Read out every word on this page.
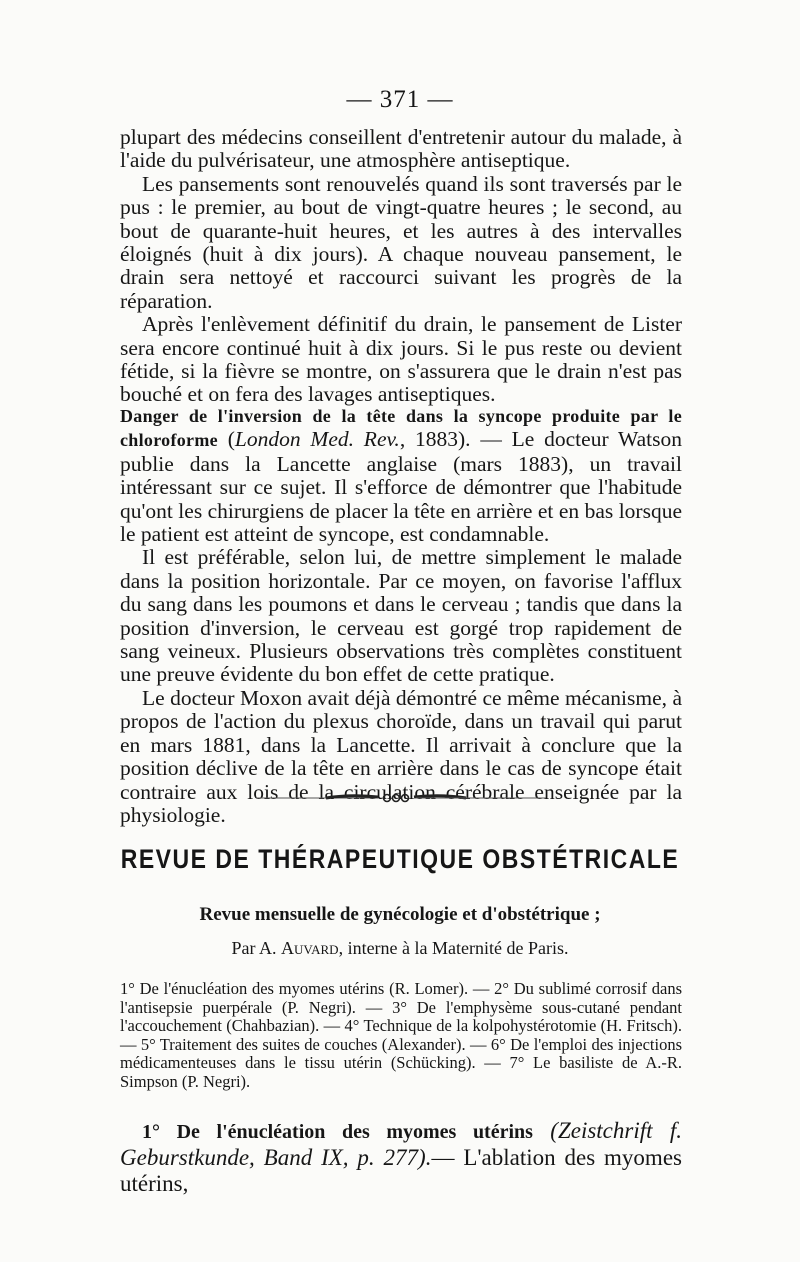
— 371 —

plupart des médecins conseillent d'entretenir autour du malade, à l'aide du pulvérisateur, une atmosphère antiseptique.

Les pansements sont renouvelés quand ils sont traversés par le pus : le premier, au bout de vingt-quatre heures ; le second, au bout de quarante-huit heures, et les autres à des intervalles éloignés (huit à dix jours). A chaque nouveau pansement, le drain sera nettoyé et raccourci suivant les progrès de la réparation.

Après l'enlèvement définitif du drain, le pansement de Lister sera encore continué huit à dix jours. Si le pus reste ou devient fétide, si la fièvre se montre, on s'assurera que le drain n'est pas bouché et on fera des lavages antiseptiques.

Danger de l'inversion de la tête dans la syncope produite par le chloroforme (London Med. Rev., 1883). — Le docteur Watson publie dans la Lancette anglaise (mars 1883), un travail intéressant sur ce sujet. Il s'efforce de démontrer que l'habitude qu'ont les chirurgiens de placer la tête en arrière et en bas lorsque le patient est atteint de syncope, est condamnable.

Il est préférable, selon lui, de mettre simplement le malade dans la position horizontale. Par ce moyen, on favorise l'afflux du sang dans les poumons et dans le cerveau ; tandis que dans la position d'inversion, le cerveau est gorgé trop rapidement de sang veineux. Plusieurs observations très complètes constituent une preuve évidente du bon effet de cette pratique.

Le docteur Moxon avait déjà démontré ce même mécanisme, à propos de l'action du plexus choroïde, dans un travail qui parut en mars 1881, dans la Lancette. Il arrivait à conclure que la position déclive de la tête en arrière dans le cas de syncope était contraire aux lois de la circulation cérébrale enseignée par la physiologie.

REVUE DE THÉRAPEUTIQUE OBSTÉTRICALE
Revue mensuelle de gynécologie et d'obstétrique ;
Par A. Auvard, interne à la Maternité de Paris.

1° De l'énucléation des myomes utérins (R. Lomer). — 2° Du sublimé corrosif dans l'antisepsie puerpérale (P. Negri). — 3° De l'emphysème sous-cutané pendant l'accouchement (Chahbazian). — 4° Technique de la kolpohystérotomie (H. Fritsch). — 5° Traitement des suites de couches (Alexander). — 6° De l'emploi des injections médicamenteuses dans le tissu utérin (Schücking). — 7° Le basiliste de A.-R. Simpson (P. Negri).

1° De l'énucléation des myomes utérins (Zeistchrift f. Geburstkunde, Band IX, p. 277).— L'ablation des myomes utérins,
